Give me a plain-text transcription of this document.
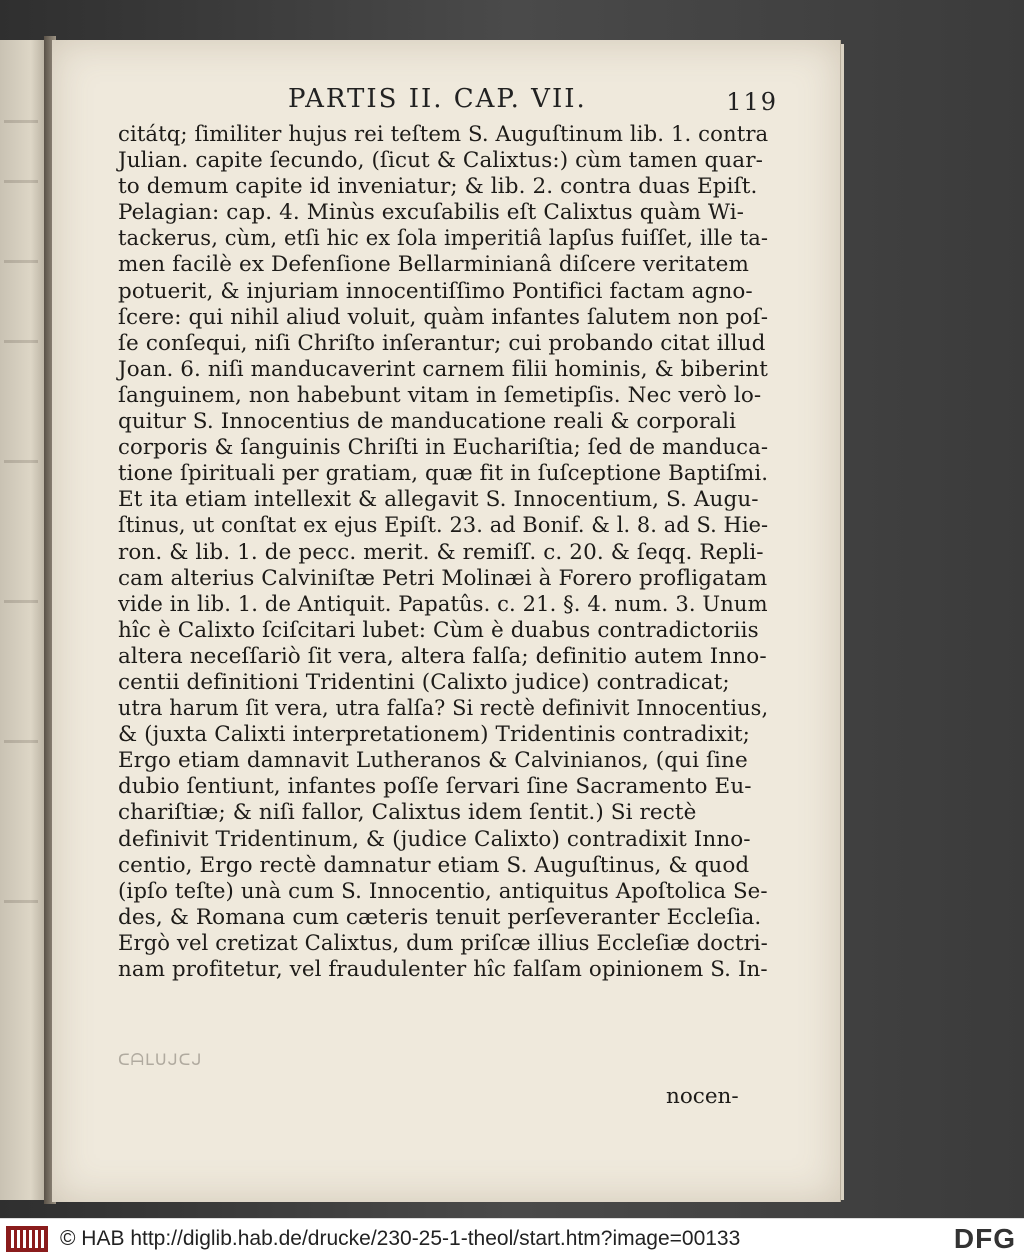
PARTIS II. CAP. VII.	119
citátq; ſimiliter hujus rei teſtem S. Auguſtinum lib. 1. contra
Julian. capite ſecundo, (ſicut & Calixtus:) cùm tamen quar-
to demum capite id inveniatur; & lib. 2. contra duas Epiſt.
Pelagian: cap. 4. Minùs excuſabilis eſt Calixtus quàm Wi-
tackerus, cùm, etſi hic ex ſola imperitiâ lapſus fuiſſet, ille ta-
men facilè ex Defenſione Bellarminianâ diſcere veritatem
potuerit, & injuriam innocentiſſimo Pontifici factam agno-
ſcere: qui nihil aliud voluit, quàm infantes ſalutem non poſ-
ſe conſequi, niſi Chriſto inſerantur; cui probando citat illud
Joan. 6. niſi manducaverint carnem filii hominis, & biberint
ſanguinem, non habebunt vitam in ſemetipſis. Nec verò lo-
quitur S. Innocentius de manducatione reali & corporali
corporis & ſanguinis Chriſti in Euchariſtia; ſed de manduca-
tione ſpirituali per gratiam, quæ fit in ſuſceptione Baptiſmi.
Et ita etiam intellexit & allegavit S. Innocentium, S. Augu-
ſtinus, ut conſtat ex ejus Epiſt. 23. ad Bonif. & l. 8. ad S. Hie-
ron. & lib. 1. de pecc. merit. & remiſſ. c. 20. & ſeqq. Repli-
cam alterius Calviniſtæ Petri Molinæi à Forero profligatam
vide in lib. 1. de Antiquit. Papatûs. c. 21. §. 4. num. 3. Unum
hîc è Calixto ſciſcitari lubet: Cùm è duabus contradictoriis
altera neceſſariò ſit vera, altera falſa; definitio autem Inno-
centii definitioni Tridentini (Calixto judice) contradicat;
utra harum ſit vera, utra falſa? Si rectè definivit Innocentius,
& (juxta Calixti interpretationem) Tridentinis contradixit;
Ergo etiam damnavit Lutheranos & Calvinianos, (qui ſine
dubio ſentiunt, infantes poſſe ſervari ſine Sacramento Eu-
chariſtiæ; & niſi fallor, Calixtus idem ſentit.) Si rectè
definivit Tridentinum, & (judice Calixto) contradixit Inno-
centio, Ergo rectè damnatur etiam S. Auguſtinus, & quod
(ipſo teſte) unà cum S. Innocentio, antiquitus Apoſtolica Se-
des, & Romana cum cæteris tenuit perſeveranter Eccleſia.
Ergò vel cretizat Calixtus, dum priſcæ illius Eccleſiæ doctri-
nam profitetur, vel fraudulenter hîc falſam opinionem S. In-
ᑕᗩᒪᑌᒍᑕᒍ
nocen-
© HAB http://diglib.hab.de/drucke/230-25-1-theol/start.htm?image=00133	DFG
